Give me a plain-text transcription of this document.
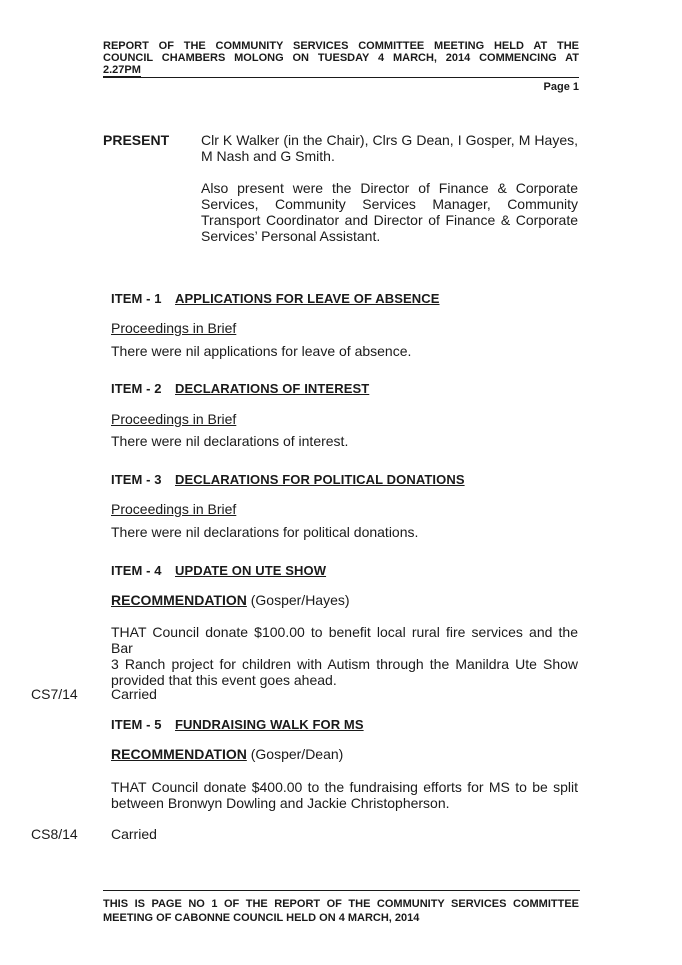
REPORT OF THE COMMUNITY SERVICES COMMITTEE MEETING HELD AT THE
COUNCIL CHAMBERS MOLONG ON TUESDAY 4 MARCH, 2014 COMMENCING AT
2.27PM
Page 1
PRESENT Clr K Walker (in the Chair), Clrs G Dean, I Gosper, M Hayes,
M Nash and G Smith.
Also present were the Director of Finance & Corporate
Services, Community Services Manager, Community
Transport Coordinator and Director of Finance & Corporate
Services’ Personal Assistant.
ITEM - 1 APPLICATIONS FOR LEAVE OF ABSENCE
Proceedings in Brief
There were nil applications for leave of absence.
ITEM - 2 DECLARATIONS OF INTEREST
Proceedings in Brief
There were nil declarations of interest.
ITEM - 3 DECLARATIONS FOR POLITICAL DONATIONS
Proceedings in Brief
There were nil declarations for political donations.
ITEM - 4 UPDATE ON UTE SHOW
RECOMMENDATION (Gosper/Hayes)
THAT Council donate $100.00 to benefit local rural fire services and the Bar
3 Ranch project for children with Autism through the Manildra Ute Show
provided that this event goes ahead.
CS7/14 Carried
ITEM - 5 FUNDRAISING WALK FOR MS
RECOMMENDATION (Gosper/Dean)
THAT Council donate $400.00 to the fundraising efforts for MS to be split
between Bronwyn Dowling and Jackie Christopherson.
CS8/14 Carried
THIS IS PAGE NO 1 OF THE REPORT OF THE COMMUNITY SERVICES COMMITTEE
MEETING OF CABONNE COUNCIL HELD ON 4 MARCH, 2014
